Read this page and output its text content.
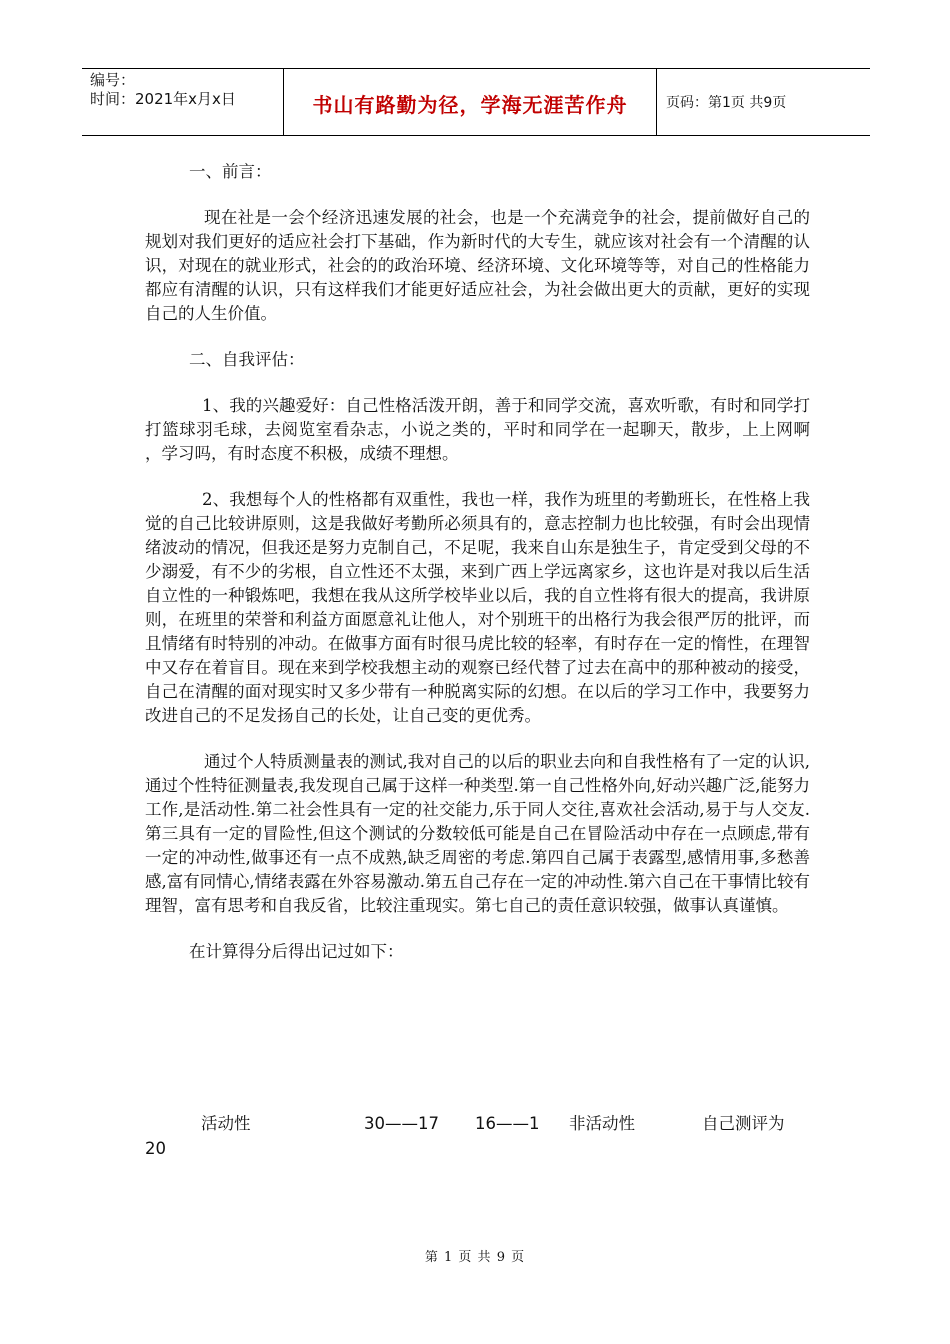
编号：
时间：2021年x月x日	书山有路勤为径，学海无涯苦作舟	页码：第1页 共9页

一、前言：

现在社是一会个经济迅速发展的社会，也是一个充满竞争的社会，提前做好自己的规划对我们更好的适应社会打下基础，作为新时代的大专生，就应该对社会有一个清醒的认识，对现在的就业形式，社会的的政治环境、经济环境、文化环境等等，对自己的性格能力都应有清醒的认识，只有这样我们才能更好适应社会，为社会做出更大的贡献，更好的实现自己的人生价值。

二、自我评估：

1、我的兴趣爱好：自己性格活泼开朗，善于和同学交流，喜欢听歌，有时和同学打打篮球羽毛球，去阅览室看杂志，小说之类的，平时和同学在一起聊天，散步，上上网啊 ，学习吗，有时态度不积极，成绩不理想。

2、我想每个人的性格都有双重性，我也一样，我作为班里的考勤班长，在性格上我觉的自己比较讲原则，这是我做好考勤所必须具有的，意志控制力也比较强，有时会出现情绪波动的情况，但我还是努力克制自己，不足呢，我来自山东是独生子，肯定受到父母的不少溺爱，有不少的劣根，自立性还不太强，来到广西上学远离家乡，这也许是对我以后生活自立性的一种锻炼吧，我想在我从这所学校毕业以后，我的自立性将有很大的提高，我讲原则，在班里的荣誉和利益方面愿意礼让他人，对个别班干的出格行为我会很严厉的批评，而且情绪有时特别的冲动。在做事方面有时很马虎比较的轻率，有时存在一定的惰性，在理智中又存在着盲目。现在来到学校我想主动的观察已经代替了过去在高中的那种被动的接受，自己在清醒的面对现实时又多少带有一种脱离实际的幻想。在以后的学习工作中，我要努力改进自己的不足发扬自己的长处，让自己变的更优秀。

通过个人特质测量表的测试,我对自己的以后的职业去向和自我性格有了一定的认识,通过个性特征测量表,我发现自己属于这样一种类型.第一自己性格外向,好动兴趣广泛,能努力工作,是活动性.第二社会性具有一定的社交能力,乐于同人交往,喜欢社会活动,易于与人交友.第三具有一定的冒险性,但这个测试的分数较低可能是自己在冒险活动中存在一点顾虑,带有一定的冲动性,做事还有一点不成熟,缺乏周密的考虑.第四自己属于表露型,感情用事,多愁善感,富有同情心,情绪表露在外容易激动.第五自己存在一定的冲动性.第六自己在干事情比较有理智，富有思考和自我反省，比较注重现实。第七自己的责任意识较强，做事认真谨慎。

在计算得分后得出记过如下：

活动性	30——17 16——1 非活动性	自己测评为
20
第 1 页 共 9 页
